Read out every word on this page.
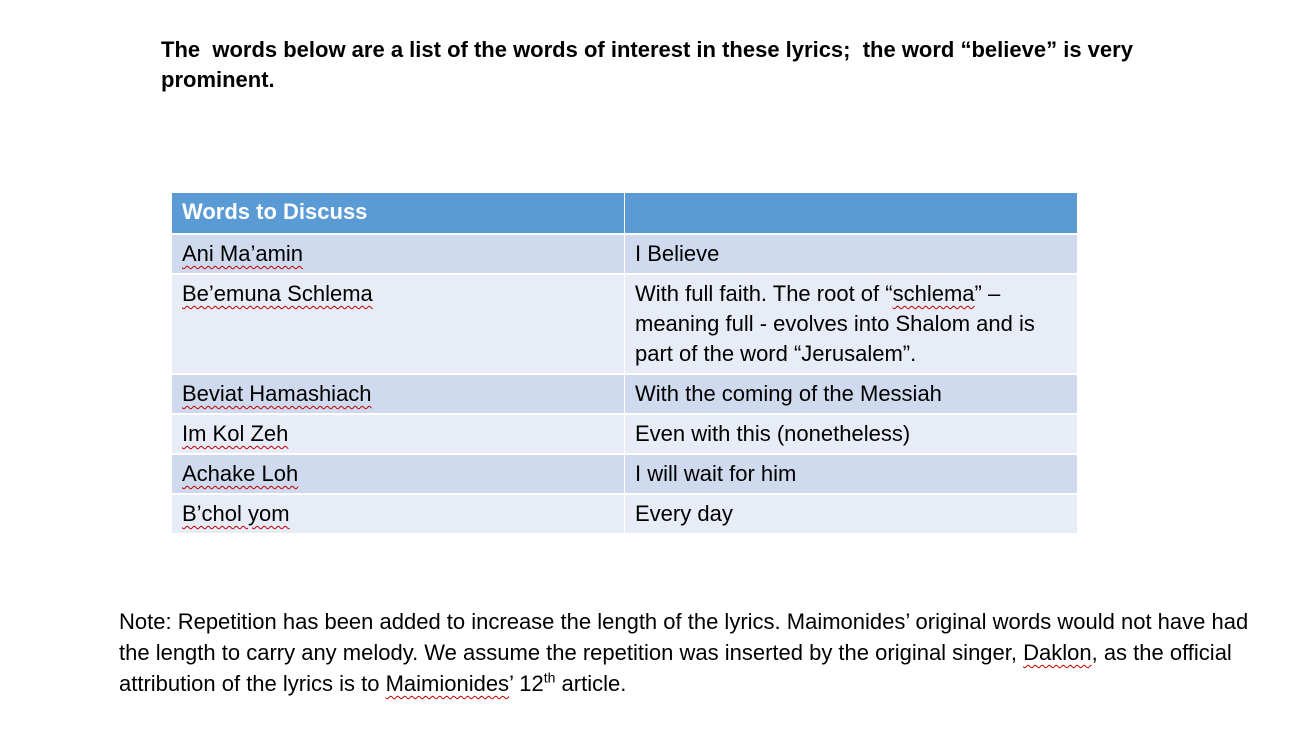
The  words below are a list of the words of interest in these lyrics;  the word “believe” is very prominent.

Words to Discuss	
Ani Ma’amin	I Believe
Be’emuna Schlema	With full faith. The root of “schlema” – meaning full - evolves into Shalom and is part of the word “Jerusalem”.
Beviat Hamashiach	With the coming of the Messiah
Im Kol Zeh	Even with this (nonetheless)
Achake Loh	I will wait for him
B’chol yom	Every day

Note: Repetition has been added to increase the length of the lyrics. Maimonides’ original words would not have had the length to carry any melody. We assume the repetition was inserted by the original singer, Daklon, as the official attribution of the lyrics is to Maimionides’ 12th article.
